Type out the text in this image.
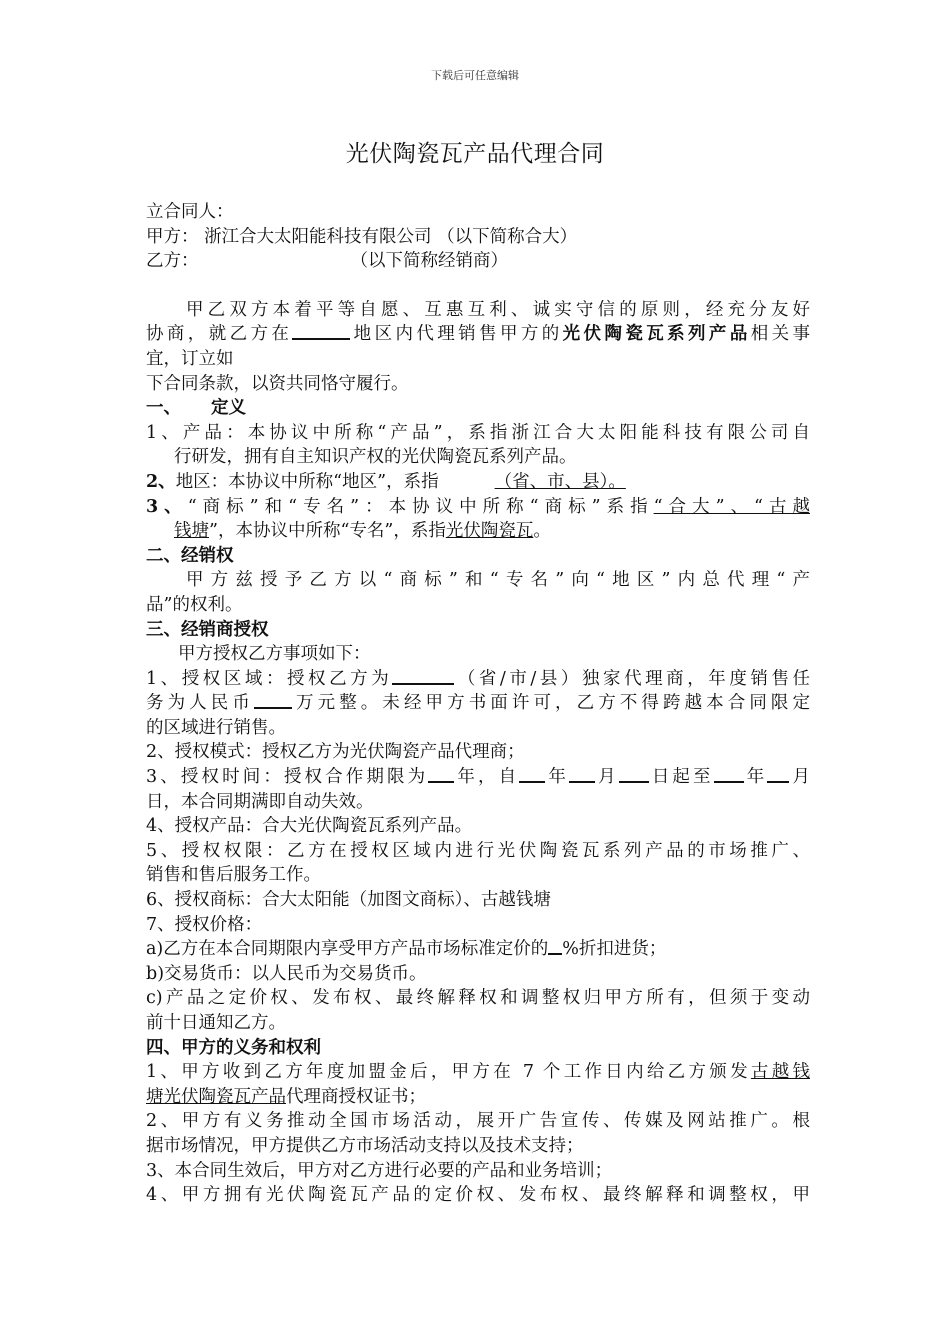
下载后可任意编辑
光伏陶瓷瓦产品代理合同
立合同人：
甲方： 浙江合大太阳能科技有限公司 （以下简称合大）
乙方：	（以下简称经销商）
甲乙双方本着平等自愿、互惠互利、诚实守信的原则，经充分友好
协商，就乙方在	地区内代理销售甲方的光伏陶瓷瓦系列产品相关事
宜，订立如
下合同条款，以资共同恪守履行。
一、 定义
1、产品：本协议中所称“产品”，系指浙江合大太阳能科技有限公司自
行研发，拥有自主知识产权的光伏陶瓷瓦系列产品。
2、地区：本协议中所称“地区”，系指	（省、市、县）。
3、“商标”和“专名”：本协议中所称“商标”系指“合大”、“古越
钱塘”，本协议中所称“专名”，系指光伏陶瓷瓦。
二、经销权
甲方兹授予乙方以“商标”和“专名”向“地区”内总代理“产
品”的权利。
三、经销商授权
甲方授权乙方事项如下：
1、授权区域：授权乙方为	（省/市/县）独家代理商，年度销售任
务为人民币 万元整。未经甲方书面许可，乙方不得跨越本合同限定
的区域进行销售。
2、授权模式：授权乙方为光伏陶瓷产品代理商；
3、授权时间：授权合作期限为 年，自 年 月 日起至 年 月
日，本合同期满即自动失效。
4、授权产品：合大光伏陶瓷瓦系列产品。
5、授权权限：乙方在授权区域内进行光伏陶瓷瓦系列产品的市场推广、
销售和售后服务工作。
6、授权商标：合大太阳能（加图文商标）、古越钱塘
7、授权价格：
a)乙方在本合同期限内享受甲方产品市场标准定价的 %折扣进货；
b)交易货币：以人民币为交易货币。
c)产品之定价权、发布权、最终解释权和调整权归甲方所有，但须于变动
前十日通知乙方。
四、甲方的义务和权利
1、甲方收到乙方年度加盟金后，甲方在 7 个工作日内给乙方颁发古越钱
塘光伏陶瓷瓦产品代理商授权证书；
2、甲方有义务推动全国市场活动，展开广告宣传、传媒及网站推广。根
据市场情况，甲方提供乙方市场活动支持以及技术支持；
3、本合同生效后，甲方对乙方进行必要的产品和业务培训；
4、甲方拥有光伏陶瓷瓦产品的定价权、发布权、最终解释和调整权，甲
